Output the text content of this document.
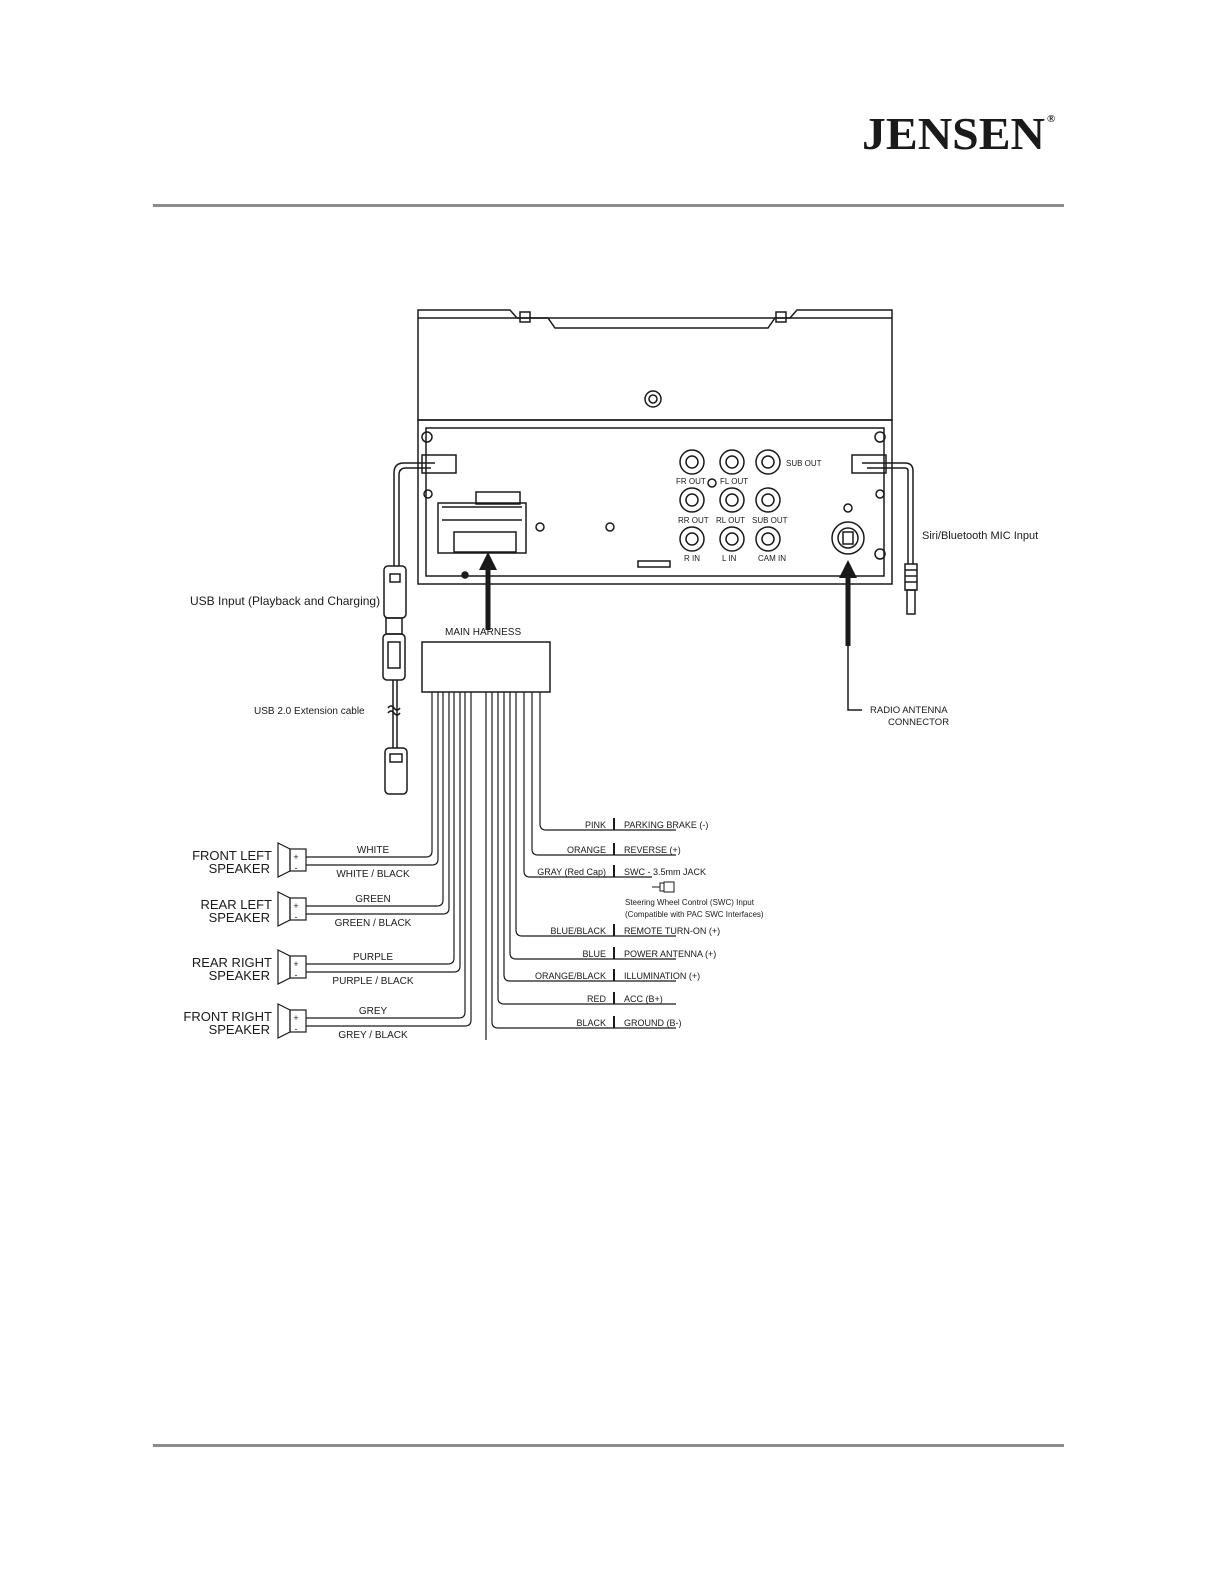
JENSEN ®
FR OUT FL OUT
SUB OUT
RR OUT RL OUT SUB OUT
R IN	L IN	CAM IN
Siri/Bluetooth MIC Input
USB Input (Playback and Charging)
USB 2.0 Extension cable
MAIN HARNESS
RADIO ANTENNA
CONNECTOR
FRONT LEFT
SPEAKER
+
-
WHITE
WHITE / BLACK
REAR LEFT
SPEAKER
+
-
GREEN
GREEN / BLACK
REAR RIGHT
SPEAKER
+
-
PURPLE
PURPLE / BLACK
FRONT RIGHT
SPEAKER
+
-
GREY
GREY / BLACK
PINK PARKING BRAKE (-)
ORANGE REVERSE (+)
GRAY (Red Cap) SWC - 3.5mm JACK
BLUE/BLACK REMOTE TURN-ON (+)
BLUE POWER ANTENNA (+)
ORANGE/BLACK ILLUMINATION (+)
RED ACC (B+)
BLACK GROUND (B-)
Steering Wheel Control (SWC) Input
(Compatible with PAC SWC Interfaces)
